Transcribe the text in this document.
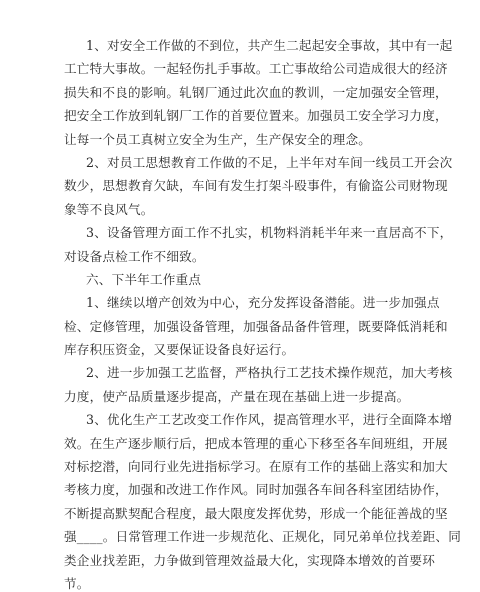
1、对安全工作做的不到位，共产生二起起安全事故，其中有一起
工亡特大事故。一起轻伤扎手事故。工亡事故给公司造成很大的经济
损失和不良的影响。轧钢厂通过此次血的教训，一定加强安全管理，
把安全工作放到轧钢厂工作的首要位置来。加强员工安全学习力度，
让每一个员工真树立安全为生产，生产保安全的理念。
2、对员工思想教育工作做的不足，上半年对车间一线员工开会次
数少，思想教育欠缺，车间有发生打架斗殴事件，有偷盗公司财物现
象等不良风气。
3、设备管理方面工作不扎实，机物料消耗半年来一直居高不下，
对设备点检工作不细致。
六、下半年工作重点
1、继续以增产创效为中心，充分发挥设备潜能。进一步加强点
检、定修管理，加强设备管理，加强备品备件管理，既要降低消耗和
库存积压资金，又要保证设备良好运行。
2、进一步加强工艺监督，严格执行工艺技术操作规范，加大考核
力度，使产品质量逐步提高，产量在现在基础上进一步提高。
3、优化生产工艺改变工作作风，提高管理水平，进行全面降本增
效。在生产逐步顺行后，把成本管理的重心下移至各车间班组，开展
对标挖潜，向同行业先进指标学习。在原有工作的基础上落实和加大
考核力度，加强和改进工作作风。同时加强各车间各科室团结协作，
不断提高默契配合程度，最大限度发挥优势，形成一个能征善战的坚
强____。日常管理工作进一步规范化、正规化，同兄弟单位找差距、同
类企业找差距，力争做到管理效益最大化，实现降本增效的首要环
节。
